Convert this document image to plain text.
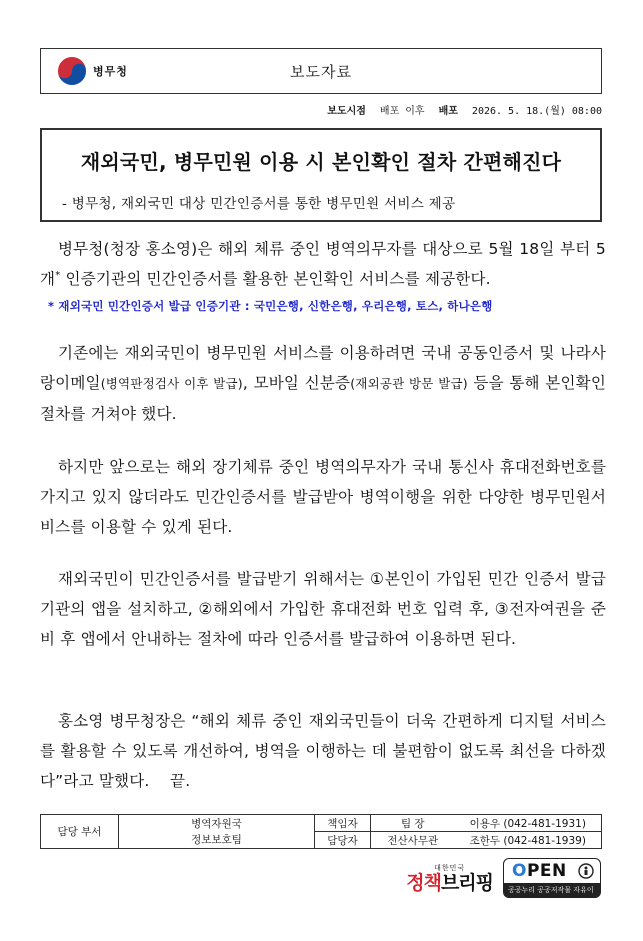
병무청	보도자료
보도시점 배포 이후 배포 2026. 5. 18.(월) 08:00
재외국민, 병무민원 이용 시 본인확인 절차 간편해진다
- 병무청, 재외국민 대상 민간인증서를 통한 병무민원 서비스 제공
병무청(청장 홍소영)은 해외 체류 중인 병역의무자를 대상으로 5월 18일 부터 5개* 인증기관의 민간인증서를 활용한 본인확인 서비스를 제공한다.
* 재외국민 민간인증서 발급 인증기관 : 국민은행, 신한은행, 우리은행, 토스, 하나은행
기존에는 재외국민이 병무민원 서비스를 이용하려면 국내 공동인증서 및 나라사랑이메일(병역판정검사 이후 발급), 모바일 신분증(재외공관 방문 발급) 등을 통해 본인확인 절차를 거쳐야 했다.
하지만 앞으로는 해외 장기체류 중인 병역의무자가 국내 통신사 휴대전화번호를 가지고 있지 않더라도 민간인증서를 발급받아 병역이행을 위한 다양한 병무민원서비스를 이용할 수 있게 된다.
재외국민이 민간인증서를 발급받기 위해서는 ①본인이 가입된 민간 인증서 발급 기관의 앱을 설치하고, ②해외에서 가입한 휴대전화 번호 입력 후, ③전자여권을 준비 후 앱에서 안내하는 절차에 따라 인증서를 발급하여 이용하면 된다.
홍소영 병무청장은 “해외 체류 중인 재외국민들이 더욱 간편하게 디지털 서비스를 활용할 수 있도록 개선하여, 병역을 이행하는 데 불편함이 없도록 최선을 다하겠다”라고 말했다. 끝.
담당 부서	병역자원국	책임자	팀 장	이용우 (042-481-1931)
	정보보호팀	담당자	전산사무관	조한두 (042-481-1939)
대한민국
정책브리핑
OPEN
공공누리 공공저작물 자유이용허락
